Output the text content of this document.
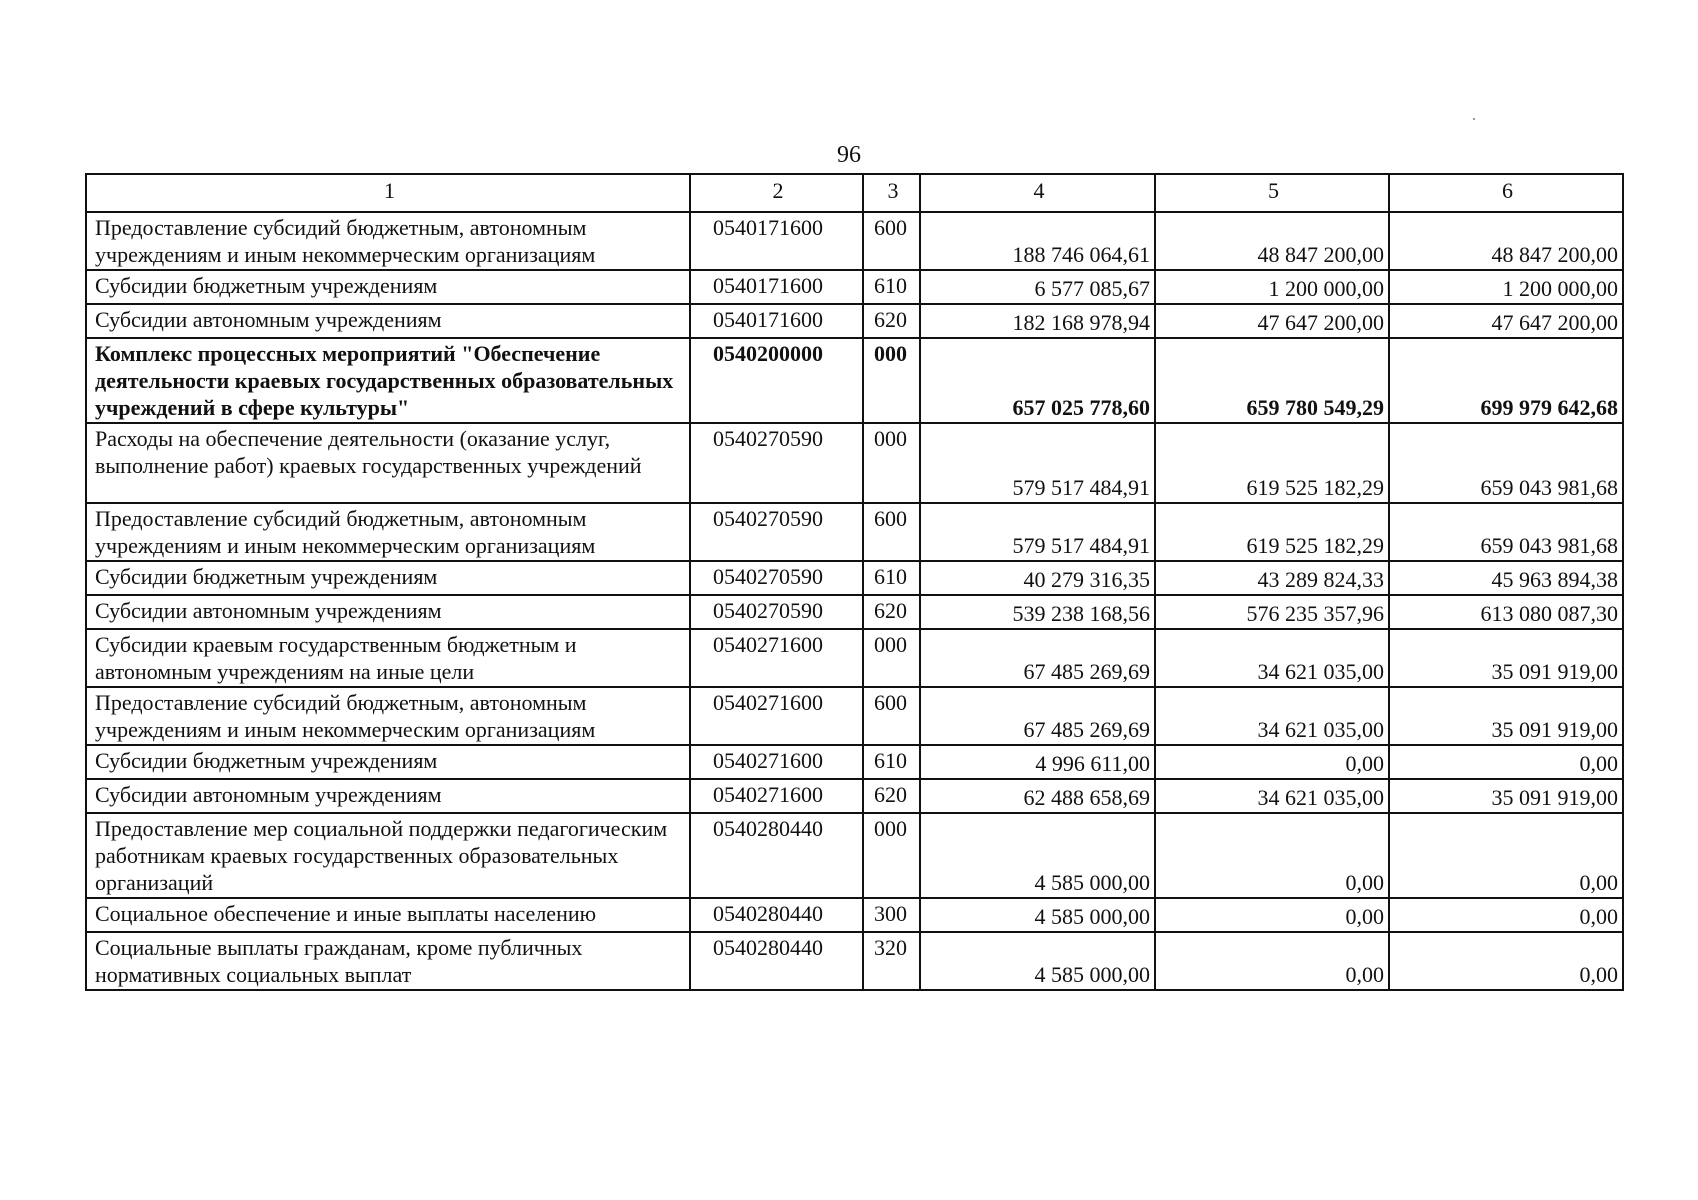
96
1	2	3	4	5	6
Предоставление субсидий бюджетным, автономным учреждениям и иным некоммерческим организациям	0540171600	600	188 746 064,61	48 847 200,00	48 847 200,00
Субсидии бюджетным учреждениям	0540171600	610	6 577 085,67	1 200 000,00	1 200 000,00
Субсидии автономным учреждениям	0540171600	620	182 168 978,94	47 647 200,00	47 647 200,00
Комплекс процессных мероприятий "Обеспечение деятельности краевых государственных образовательных учреждений в сфере культуры"	0540200000	000	657 025 778,60	659 780 549,29	699 979 642,68
Расходы на обеспечение деятельности (оказание услуг, выполнение работ) краевых государственных учреждений	0540270590	000	579 517 484,91	619 525 182,29	659 043 981,68
Предоставление субсидий бюджетным, автономным учреждениям и иным некоммерческим организациям	0540270590	600	579 517 484,91	619 525 182,29	659 043 981,68
Субсидии бюджетным учреждениям	0540270590	610	40 279 316,35	43 289 824,33	45 963 894,38
Субсидии автономным учреждениям	0540270590	620	539 238 168,56	576 235 357,96	613 080 087,30
Субсидии краевым государственным бюджетным и автономным учреждениям на иные цели	0540271600	000	67 485 269,69	34 621 035,00	35 091 919,00
Предоставление субсидий бюджетным, автономным учреждениям и иным некоммерческим организациям	0540271600	600	67 485 269,69	34 621 035,00	35 091 919,00
Субсидии бюджетным учреждениям	0540271600	610	4 996 611,00	0,00	0,00
Субсидии автономным учреждениям	0540271600	620	62 488 658,69	34 621 035,00	35 091 919,00
Предоставление мер социальной поддержки педагогическим работникам краевых государственных образовательных организаций	0540280440	000	4 585 000,00	0,00	0,00
Социальное обеспечение и иные выплаты населению	0540280440	300	4 585 000,00	0,00	0,00
Социальные выплаты гражданам, кроме публичных нормативных социальных выплат	0540280440	320	4 585 000,00	0,00	0,00
